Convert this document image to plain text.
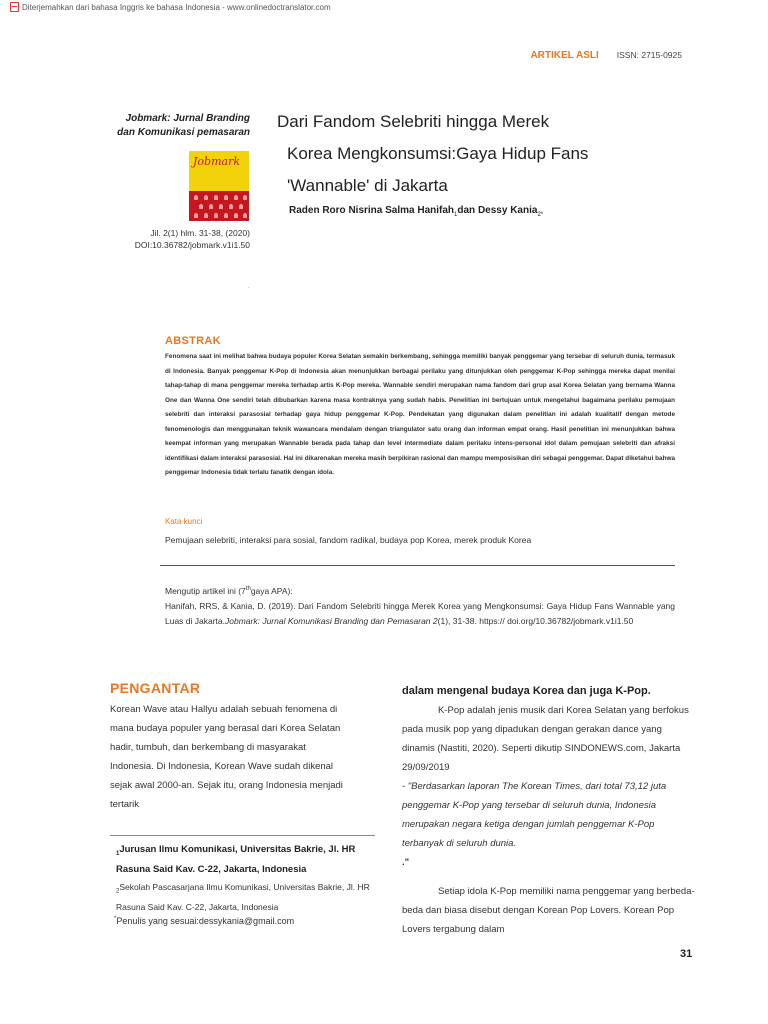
Diterjemahkan dari bahasa Inggris ke bahasa Indonesia - www.onlinedoctranslator.com
ARTIKEL ASLI ISSN: 2715-0925
Jobmark: Jurnal Branding
dan Komunikasi pemasaran
Jobmark
Jil. 2(1) hlm. 31-38, (2020)
DOI:10.36782/jobmark.v1i1.50
.
Dari Fandom Selebriti hingga Merek
Korea Mengkonsumsi:Gaya Hidup Fans
'Wannable' di Jakarta
Raden Roro Nisrina Salma Hanifah$_1$dan Dessy Kania$_{2*}$
ABSTRAK
Fenomena saat ini melihat bahwa budaya populer Korea Selatan semakin berkembang, sehingga memiliki banyak penggemar yang tersebar di seluruh dunia, termasuk di Indonesia. Banyak penggemar K-Pop di Indonesia akan menunjukkan berbagai perilaku yang ditunjukkan oleh penggemar K-Pop sehingga mereka dapat menilai tahap-tahap di mana penggemar mereka terhadap artis K-Pop mereka. Wannable sendiri merupakan nama fandom dari grup asal Korea Selatan yang bernama Wanna One dan Wanna One sendiri telah dibubarkan karena masa kontraknya yang sudah habis. Penelitian ini bertujuan untuk mengetahui bagaimana perilaku pemujaan selebriti dan interaksi parasosial terhadap gaya hidup penggemar K-Pop. Pendekatan yang digunakan dalam penelitian ini adalah kualitatif dengan metode fenomenologis dan menggunakan teknik wawancara mendalam dengan triangulator satu orang dan informan empat orang. Hasil penelitian ini menunjukkan bahwa keempat informan yang merupakan Wannable berada pada tahap dan level intermediate dalam perilaku intens-personal idol dalam pemujaan selebriti dan afraksi identifikasi dalam interaksi parasosial. Hal ini dikarenakan mereka masih berpikiran rasional dan mampu memposisikan diri sebagai penggemar. Dapat diketahui bahwa penggemar Indonesia tidak terlalu fanatik dengan idola.
Kata kunci
Pemujaan selebriti, interaksi para sosial, fandom radikal, budaya pop Korea, merek produk Korea
Mengutip artikel ini (7thgaya APA):
Hanifah, RRS, & Kania, D. (2019). Dari Fandom Selebriti hingga Merek Korea yang Mengkonsumsi: Gaya Hidup Fans Wannable yang Luas di Jakarta.Jobmark: Jurnal Komunikasi Branding dan Pemasaran 2(1), 31-38. https:// doi.org/10.36782/jobmark.v1i1.50
PENGANTAR
Korean Wave atau Hallyu adalah sebuah fenomena di mana budaya populer yang berasal dari Korea Selatan hadir, tumbuh, dan berkembang di masyarakat Indonesia. Di Indonesia, Korean Wave sudah dikenal sejak awal 2000-an. Sejak itu, orang Indonesia menjadi tertarik
$_1$Jurusan Ilmu Komunikasi, Universitas Bakrie, Jl. HR Rasuna Said Kav. C-22, Jakarta, Indonesia
$_2$Sekolah Pascasarjana Ilmu Komunikasi, Universitas Bakrie, Jl. HR Rasuna Said Kav. C-22, Jakarta, Indonesia
*Penulis yang sesuai:dessykania@gmail.com
dalam mengenal budaya Korea dan juga K-Pop.
K-Pop adalah jenis musik dari Korea Selatan yang berfokus pada musik pop yang dipadukan dengan gerakan dance yang dinamis (Nastiti, 2020). Seperti dikutip SINDONEWS.com, Jakarta 29/09/2019
- "Berdasarkan laporan The Korean Times, dari total 73,12 juta penggemar K-Pop yang tersebar di seluruh dunia, Indonesia merupakan negara ketiga dengan jumlah penggemar K-Pop terbanyak di seluruh dunia.
."
Setiap idola K-Pop memiliki nama penggemar yang berbeda-beda dan biasa disebut dengan Korean Pop Lovers. Korean Pop Lovers tergabung dalam
31
